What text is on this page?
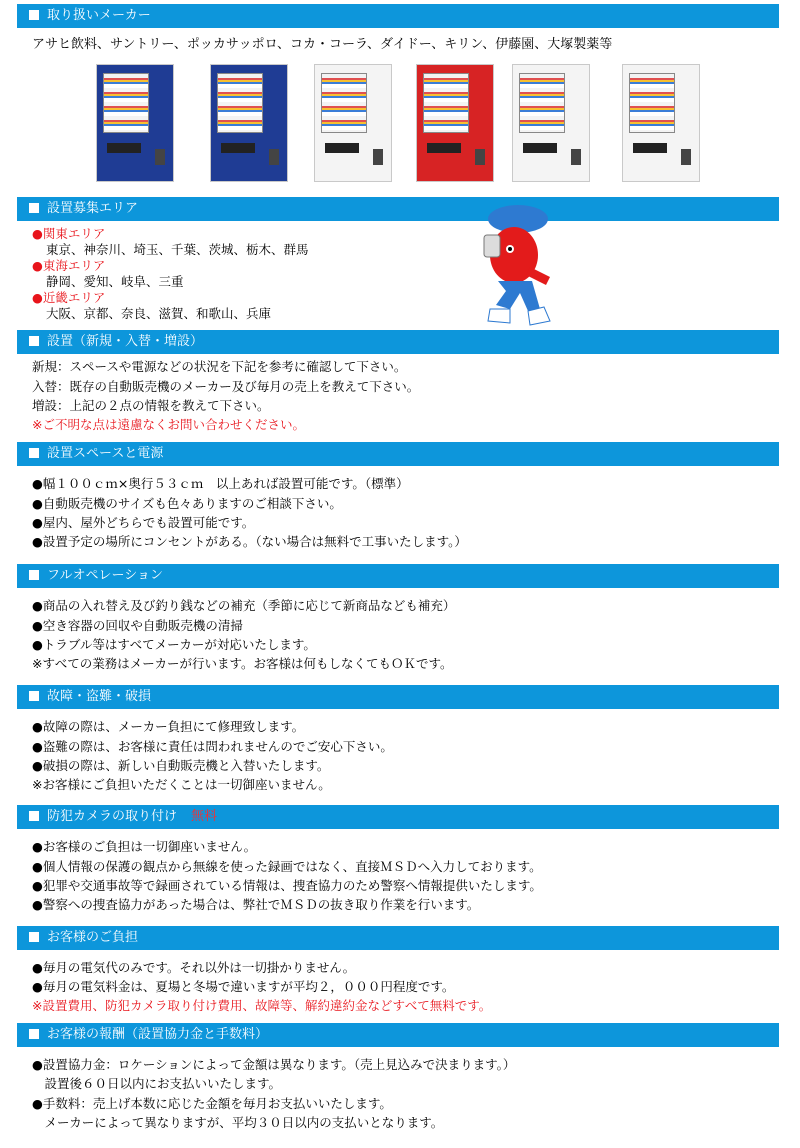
取り扱いメーカー
アサヒ飲料、サントリー、ポッカサッポロ、コカ・コーラ、ダイドー、キリン、伊藤園、大塚製薬等
設置募集エリア
●関東エリア
東京、神奈川、埼玉、千葉、茨城、栃木、群馬
●東海エリア
静岡、愛知、岐阜、三重
●近畿エリア
大阪、京都、奈良、滋賀、和歌山、兵庫
設置（新規・入替・増設）
新規：スペースや電源などの状況を下記を参考に確認して下さい。
入替：既存の自動販売機のメーカー及び毎月の売上を教えて下さい。
増設：上記の２点の情報を教えて下さい。
※ご不明な点は遠慮なくお問い合わせください。
設置スペースと電源
●幅１００ｃｍ×奥行５３ｃｍ　以上あれば設置可能です。（標準）
●自動販売機のサイズも色々ありますのご相談下さい。
●屋内、屋外どちらでも設置可能です。
●設置予定の場所にコンセントがある。（ない場合は無料で工事いたします。）
フルオペレーション
●商品の入れ替え及び釣り銭などの補充（季節に応じて新商品なども補充）
●空き容器の回収や自動販売機の清掃
●トラブル等はすべてメーカーが対応いたします。
※すべての業務はメーカーが行います。お客様は何もしなくてもＯＫです。
故障・盗難・破損
●故障の際は、メーカー負担にて修理致します。
●盗難の際は、お客様に責任は問われませんのでご安心下さい。
●破損の際は、新しい自動販売機と入替いたします。
※お客様にご負担いただくことは一切御座いません。
防犯カメラの取り付け 無料
●お客様のご負担は一切御座いません。
●個人情報の保護の観点から無線を使った録画ではなく、直接ＭＳＤへ入力しております。
●犯罪や交通事故等で録画されている情報は、捜査協力のため警察へ情報提供いたします。
●警察への捜査協力があった場合は、弊社でＭＳＤの抜き取り作業を行います。
お客様のご負担
●毎月の電気代のみです。それ以外は一切掛かりません。
●毎月の電気料金は、夏場と冬場で違いますが平均２，０００円程度です。
※設置費用、防犯カメラ取り付け費用、故障等、解約違約金などすべて無料です。
お客様の報酬（設置協力金と手数料）
●設置協力金：ロケーションによって金額は異なります。（売上見込みで決まります。）
　設置後６０日以内にお支払いいたします。
●手数料：売上げ本数に応じた金額を毎月お支払いいたします。
　メーカーによって異なりますが、平均３０日以内の支払いとなります。
